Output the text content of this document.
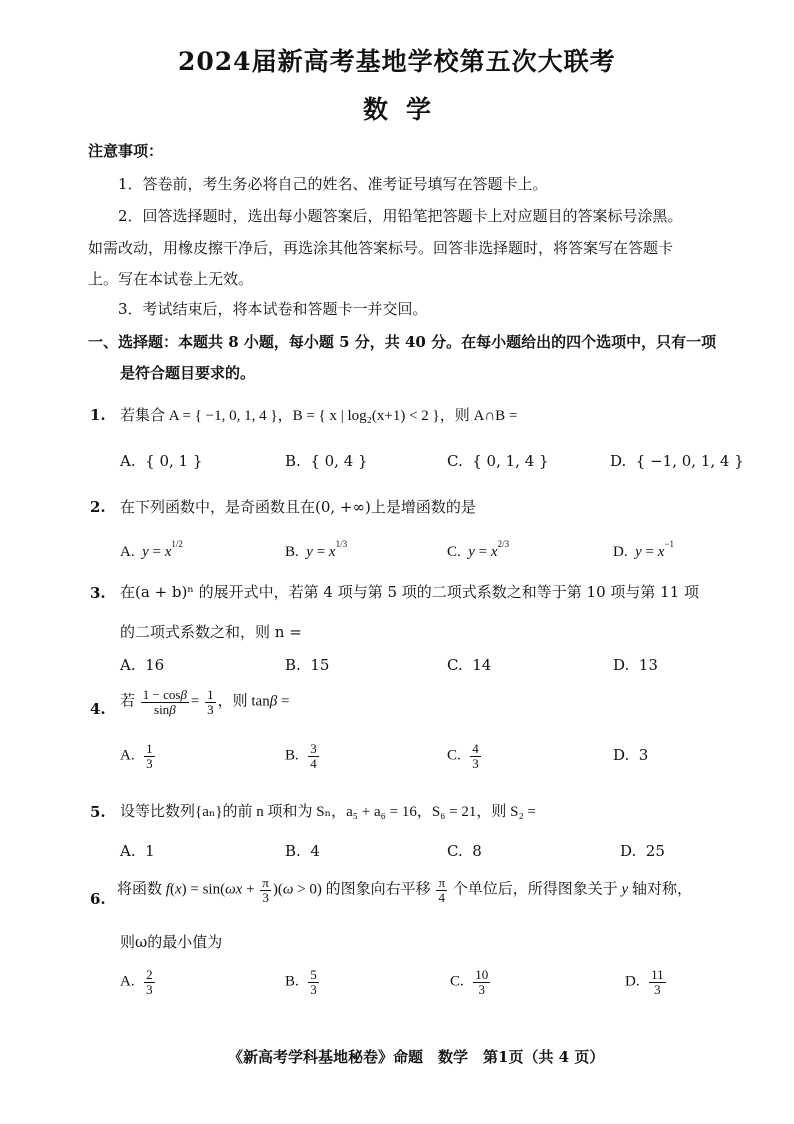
2024届新高考基地学校第五次大联考
数学
注意事项：
1．答卷前，考生务必将自己的姓名、准考证号填写在答题卡上。
2．回答选择题时，选出每小题答案后，用铅笔把答题卡上对应题目的答案标号涂黑。
如需改动，用橡皮擦干净后，再选涂其他答案标号。回答非选择题时，将答案写在答题卡
上。写在本试卷上无效。
3．考试结束后，将本试卷和答题卡一并交回。
一、选择题：本题共 8 小题，每小题 5 分，共 40 分。在每小题给出的四个选项中，只有一项
是符合题目要求的。
1. 若集合 A = { −1, 0, 1, 4 }，B = { x | log₂(x+1) < 2 }，则 A∩B =
A.  { 0, 1 }	B.  { 0, 4 }	C.  { 0, 1, 4 }	D.  { −1, 0, 1, 4 }
2. 在下列函数中，是奇函数且在(0, +∞)上是增函数的是
A.  $y = x^{1/2}$	B.  $y = x^{1/3}$	C.  $y = x^{2/3}$	D.  $y = x^{-1}$
3. 在(a + b)ⁿ 的展开式中，若第 4 项与第 5 项的二项式系数之和等于第 10 项与第 11 项
的二项式系数之和，则 n =
A.  16	B.  15	C.  14	D.  13
4. 若 $\frac{1 - \cos\beta}{\sin\beta} = \frac{1}{3}$ ，则 tanβ =
A. $\frac{1}{3}$	B. $\frac{3}{4}$	C. $\frac{4}{3}$	D.  3
5. 设等比数列{aₙ}的前 n 项和为 Sₙ，a₅ + a₆ = 16，S₆ = 21，则 S₂ =
A.  1	B.  4	C.  8	D.  25
6.
将函数 $f(x) = \sin(\omega x + \frac{\pi}{3} )(\omega > 0)$ 的图象向右平移 $\frac{\pi}{4}$ 个单位后，所得图象关于 y 轴对称，
则ω的最小值为
A. $\frac{2}{3}$	B. $\frac{5}{3}$	C. $\frac{10}{3}$	D. $\frac{11}{3}$
《新高考学科基地秘卷》命题　数学　第1页（共 4 页）
